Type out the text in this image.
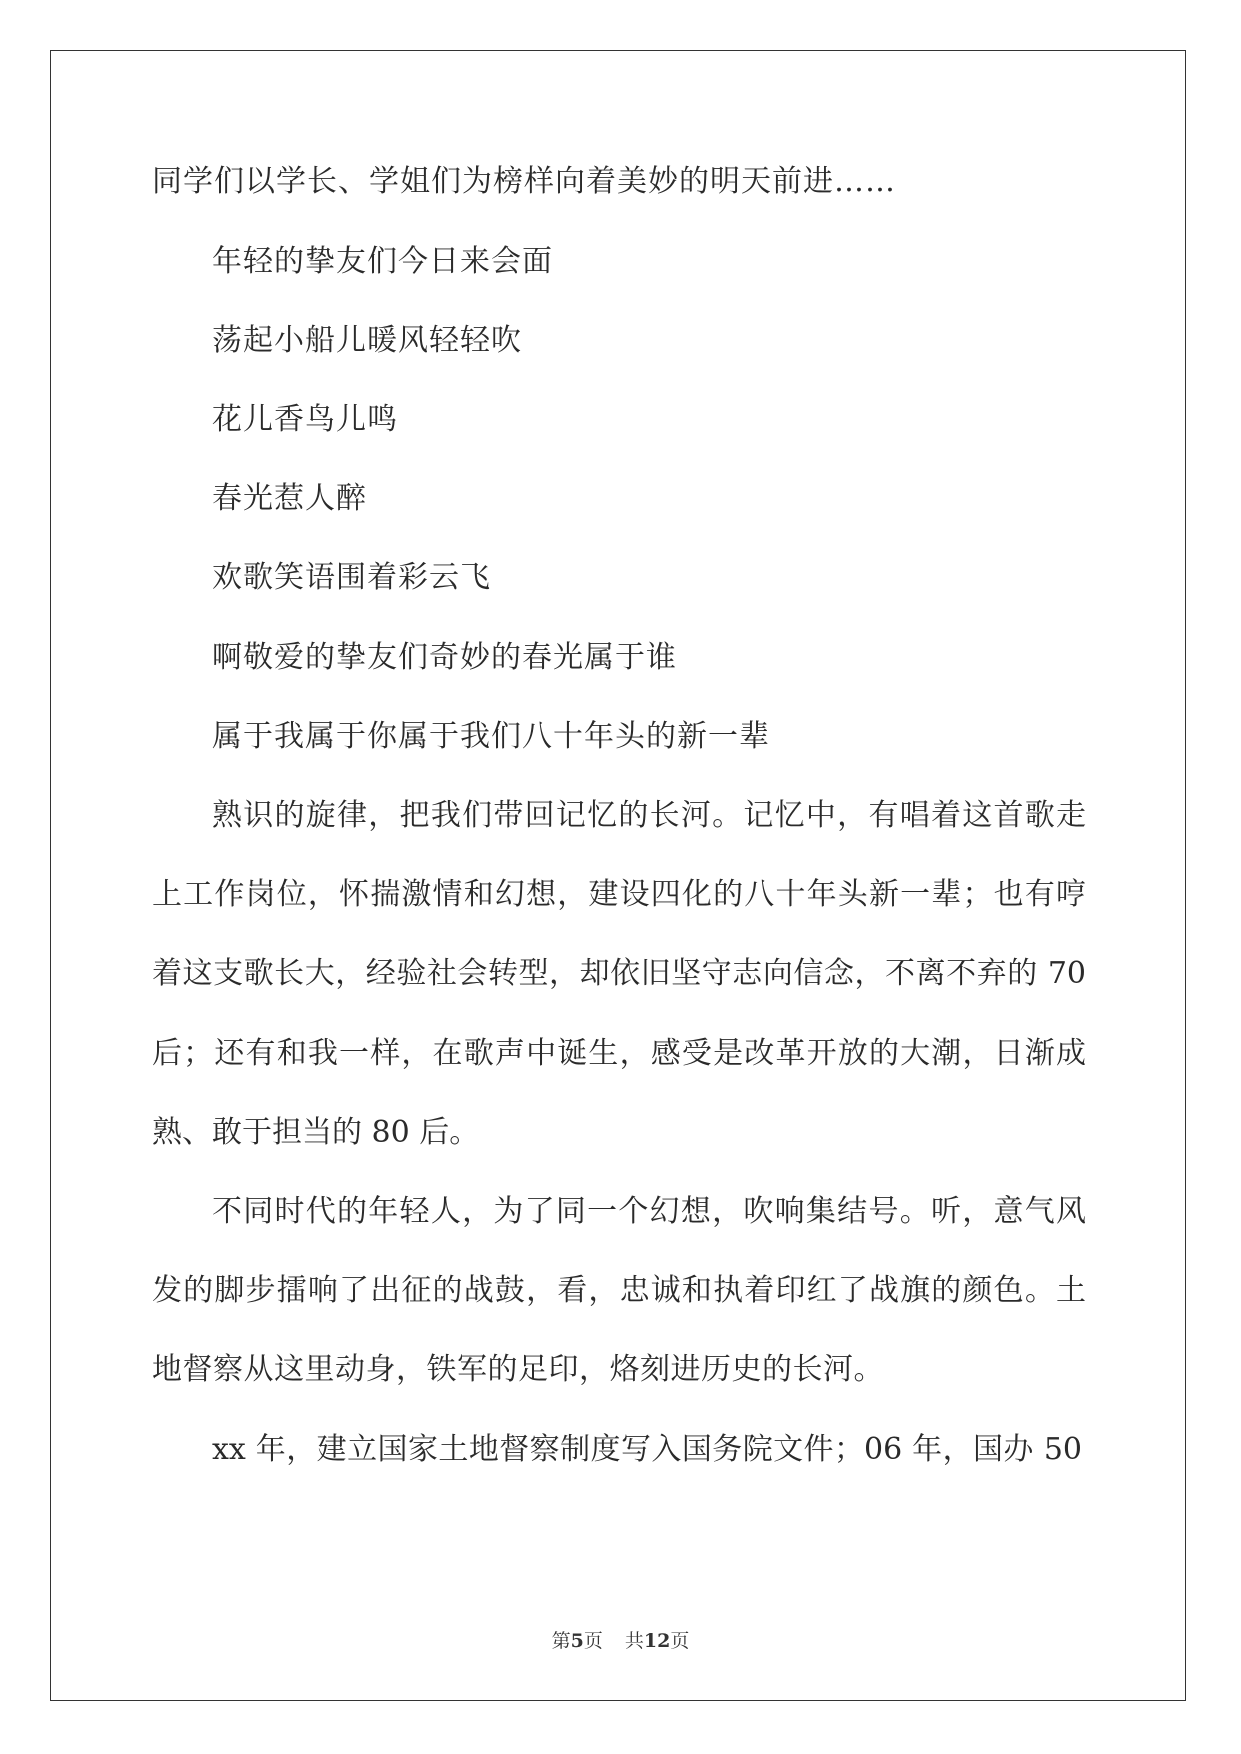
同学们以学长、学姐们为榜样向着美妙的明天前进……
年轻的挚友们今日来会面
荡起小船儿暖风轻轻吹
花儿香鸟儿鸣
春光惹人醉
欢歌笑语围着彩云飞
啊敬爱的挚友们奇妙的春光属于谁
属于我属于你属于我们八十年头的新一辈
熟识的旋律，把我们带回记忆的长河。记忆中，有唱着这首歌走
上工作岗位，怀揣激情和幻想，建设四化的八十年头新一辈；也有哼
着这支歌长大，经验社会转型，却依旧坚守志向信念，不离不弃的 70
后；还有和我一样，在歌声中诞生，感受是改革开放的大潮，日渐成
熟、敢于担当的 80 后。
不同时代的年轻人，为了同一个幻想，吹响集结号。听，意气风
发的脚步擂响了出征的战鼓，看，忠诚和执着印红了战旗的颜色。土
地督察从这里动身，铁军的足印，烙刻进历史的长河。
xx 年，建立国家土地督察制度写入国务院文件；06 年，国办 50
第5页 共12页
